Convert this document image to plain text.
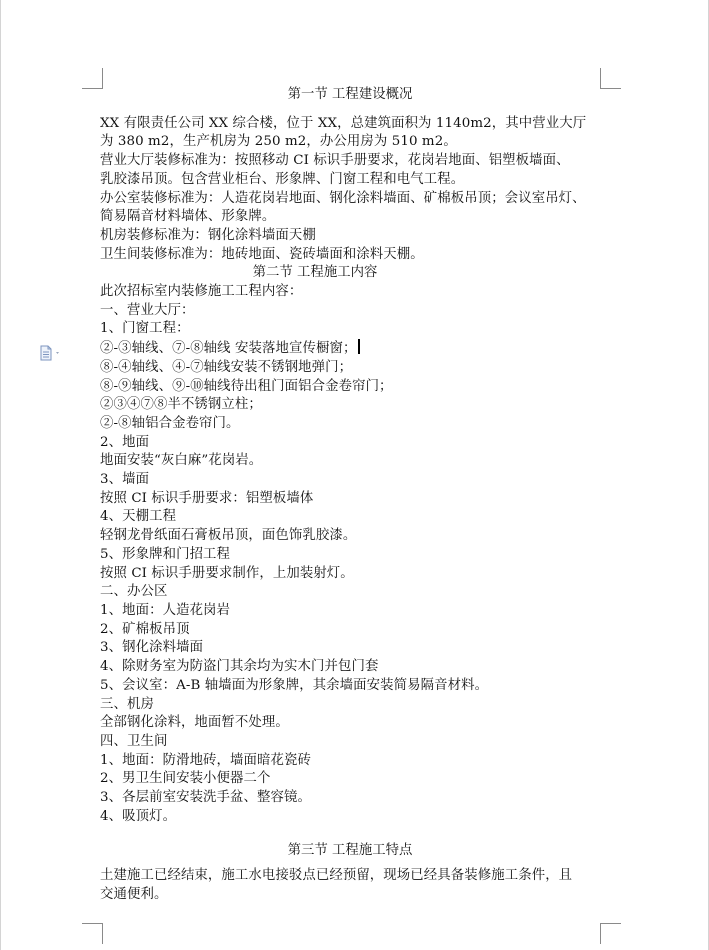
第一节 工程建设概况
XX 有限责任公司 XX 综合楼，位于 XX，总建筑面积为 1140m2，其中营业大厅
为 380 m2，生产机房为 250 m2，办公用房为 510 m2。
营业大厅装修标准为：按照移动 CI 标识手册要求，花岗岩地面、铝塑板墙面、
乳胶漆吊顶。包含营业柜台、形象牌、门窗工程和电气工程。
办公室装修标准为：人造花岗岩地面、钢化涂料墙面、矿棉板吊顶；会议室吊灯、
简易隔音材料墙体、形象牌。
机房装修标准为：钢化涂料墙面天棚
卫生间装修标准为：地砖地面、瓷砖墙面和涂料天棚。
第二节 工程施工内容
此次招标室内装修施工工程内容：
一、营业大厅：
1、门窗工程：
②-③轴线、⑦-⑧轴线 安装落地宣传橱窗；
⑧-④轴线、④-⑦轴线安装不锈钢地弹门；
⑧-⑨轴线、⑨-⑩轴线待出租门面铝合金卷帘门；
②③④⑦⑧半不锈钢立柱；
②-⑧轴铝合金卷帘门。
2、地面
地面安装“灰白麻”花岗岩。
3、墙面
按照 CI 标识手册要求：铝塑板墙体
4、天棚工程
轻钢龙骨纸面石膏板吊顶，面色饰乳胶漆。
5、形象牌和门招工程
按照 CI 标识手册要求制作，上加装射灯。
二、办公区
1、地面：人造花岗岩
2、矿棉板吊顶
3、钢化涂料墙面
4、除财务室为防盗门其余均为实木门并包门套
5、会议室：A-B 轴墙面为形象牌，其余墙面安装简易隔音材料。
三、机房
全部钢化涂料，地面暂不处理。
四、卫生间
1、地面：防滑地砖，墙面暗花瓷砖
2、男卫生间安装小便器二个
3、各层前室安装洗手盆、整容镜。
4、吸顶灯。
第三节 工程施工特点
土建施工已经结束，施工水电接驳点已经预留，现场已经具备装修施工条件，且
交通便利。
